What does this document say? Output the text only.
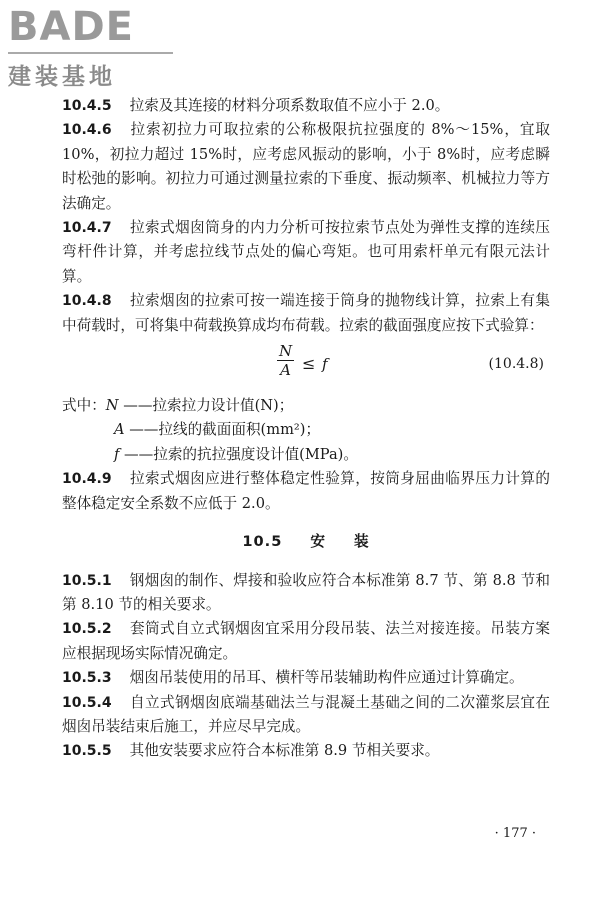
BADE
建装基地

10.4.5 拉索及其连接的材料分项系数取值不应小于 2.0。

10.4.6 拉索初拉力可取拉索的公称极限抗拉强度的 8%～15%，宜取 10%，初拉力超过 15%时，应考虑风振动的影响，小于 8%时，应考虑瞬时松弛的影响。初拉力可通过测量拉索的下垂度、振动频率、机械拉力等方法确定。

10.4.7 拉索式烟囱筒身的内力分析可按拉索节点处为弹性支撑的连续压弯杆件计算，并考虑拉线节点处的偏心弯矩。也可用索杆单元有限元法计算。

10.4.8 拉索烟囱的拉索可按一端连接于筒身的抛物线计算，拉索上有集中荷载时，可将集中荷载换算成均布荷载。拉索的截面强度应按下式验算：

$\frac{N}{A} \le f$	(10.4.8)

式中：N ——拉索拉力设计值(N)；

A ——拉线的截面面积(mm²)；

f ——拉索的抗拉强度设计值(MPa)。

10.4.9 拉索式烟囱应进行整体稳定性验算，按筒身屈曲临界压力计算的整体稳定安全系数不应低于 2.0。

10.5 安 装

10.5.1 钢烟囱的制作、焊接和验收应符合本标准第 8.7 节、第 8.8 节和第 8.10 节的相关要求。

10.5.2 套筒式自立式钢烟囱宜采用分段吊装、法兰对接连接。吊装方案应根据现场实际情况确定。

10.5.3 烟囱吊装使用的吊耳、横杆等吊装辅助构件应通过计算确定。

10.5.4 自立式钢烟囱底端基础法兰与混凝土基础之间的二次灌浆层宜在烟囱吊装结束后施工，并应尽早完成。

10.5.5 其他安装要求应符合本标准第 8.9 节相关要求。

· 177 ·
